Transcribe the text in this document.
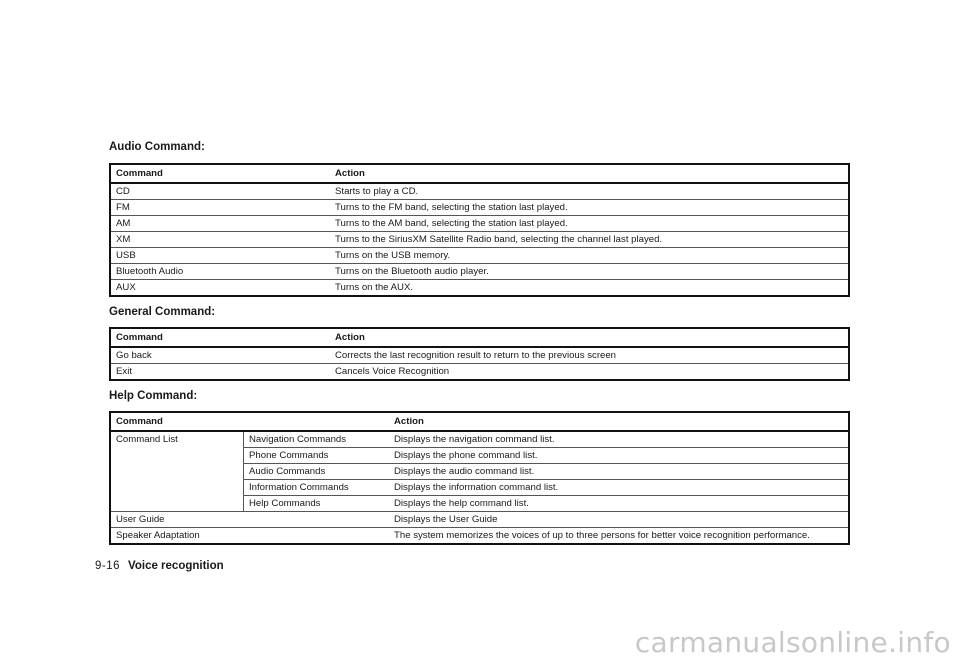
Audio Command:
Command	Action
CD	Starts to play a CD.
FM	Turns to the FM band, selecting the station last played.
AM	Turns to the AM band, selecting the station last played.
XM	Turns to the SiriusXM Satellite Radio band, selecting the channel last played.
USB	Turns on the USB memory.
Bluetooth Audio	Turns on the Bluetooth audio player.
AUX	Turns on the AUX.
General Command:
Command	Action
Go back	Corrects the last recognition result to return to the previous screen
Exit	Cancels Voice Recognition
Help Command:
Command		Action
Command List	Navigation Commands	Displays the navigation command list.
	Phone Commands	Displays the phone command list.
	Audio Commands	Displays the audio command list.
	Information Commands	Displays the information command list.
	Help Commands	Displays the help command list.
User Guide		Displays the User Guide
Speaker Adaptation		The system memorizes the voices of up to three persons for better voice recognition performance.
9-16 Voice recognition
carmanualsonline.info
